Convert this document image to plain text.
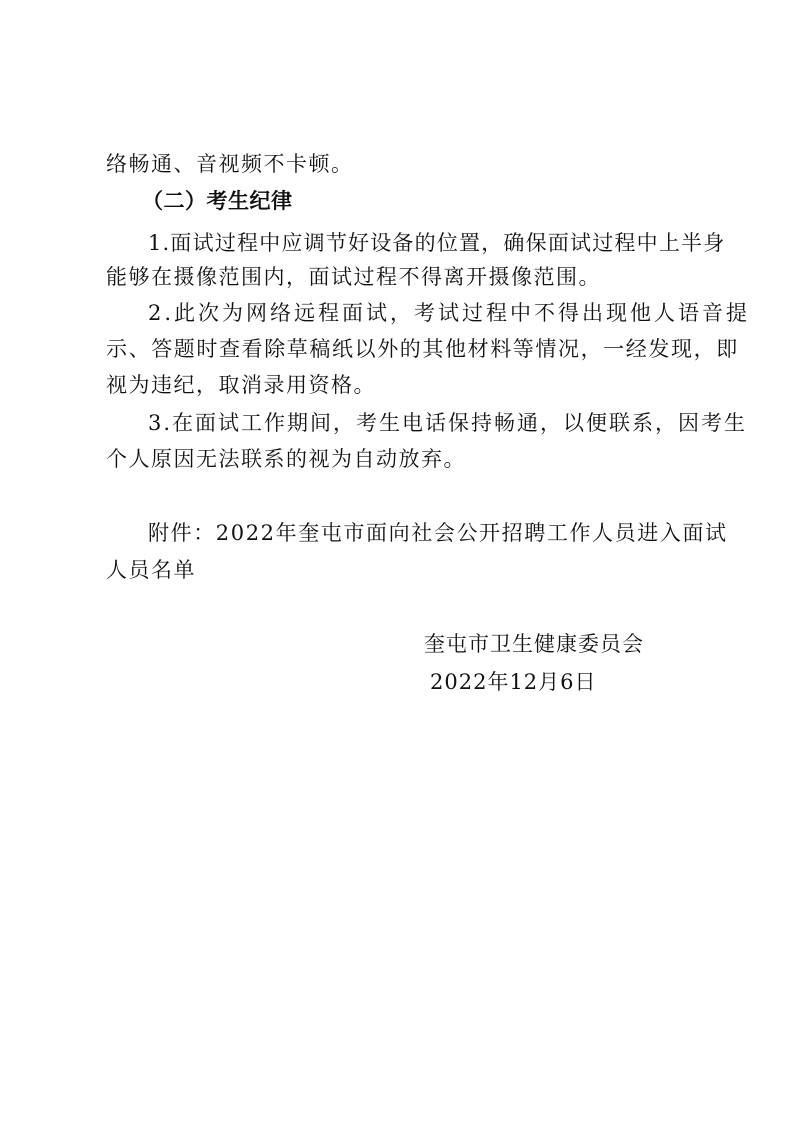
络畅通、音视频不卡顿。
（二）考生纪律
1.面试过程中应调节好设备的位置，确保面试过程中上半身
能够在摄像范围内，面试过程不得离开摄像范围。
2.此次为网络远程面试，考试过程中不得出现他人语音提
示、答题时查看除草稿纸以外的其他材料等情况，一经发现，即
视为违纪，取消录用资格。
3.在面试工作期间，考生电话保持畅通，以便联系，因考生
个人原因无法联系的视为自动放弃。
附件：2022年奎屯市面向社会公开招聘工作人员进入面试
人员名单
奎屯市卫生健康委员会
2022年12月6日
